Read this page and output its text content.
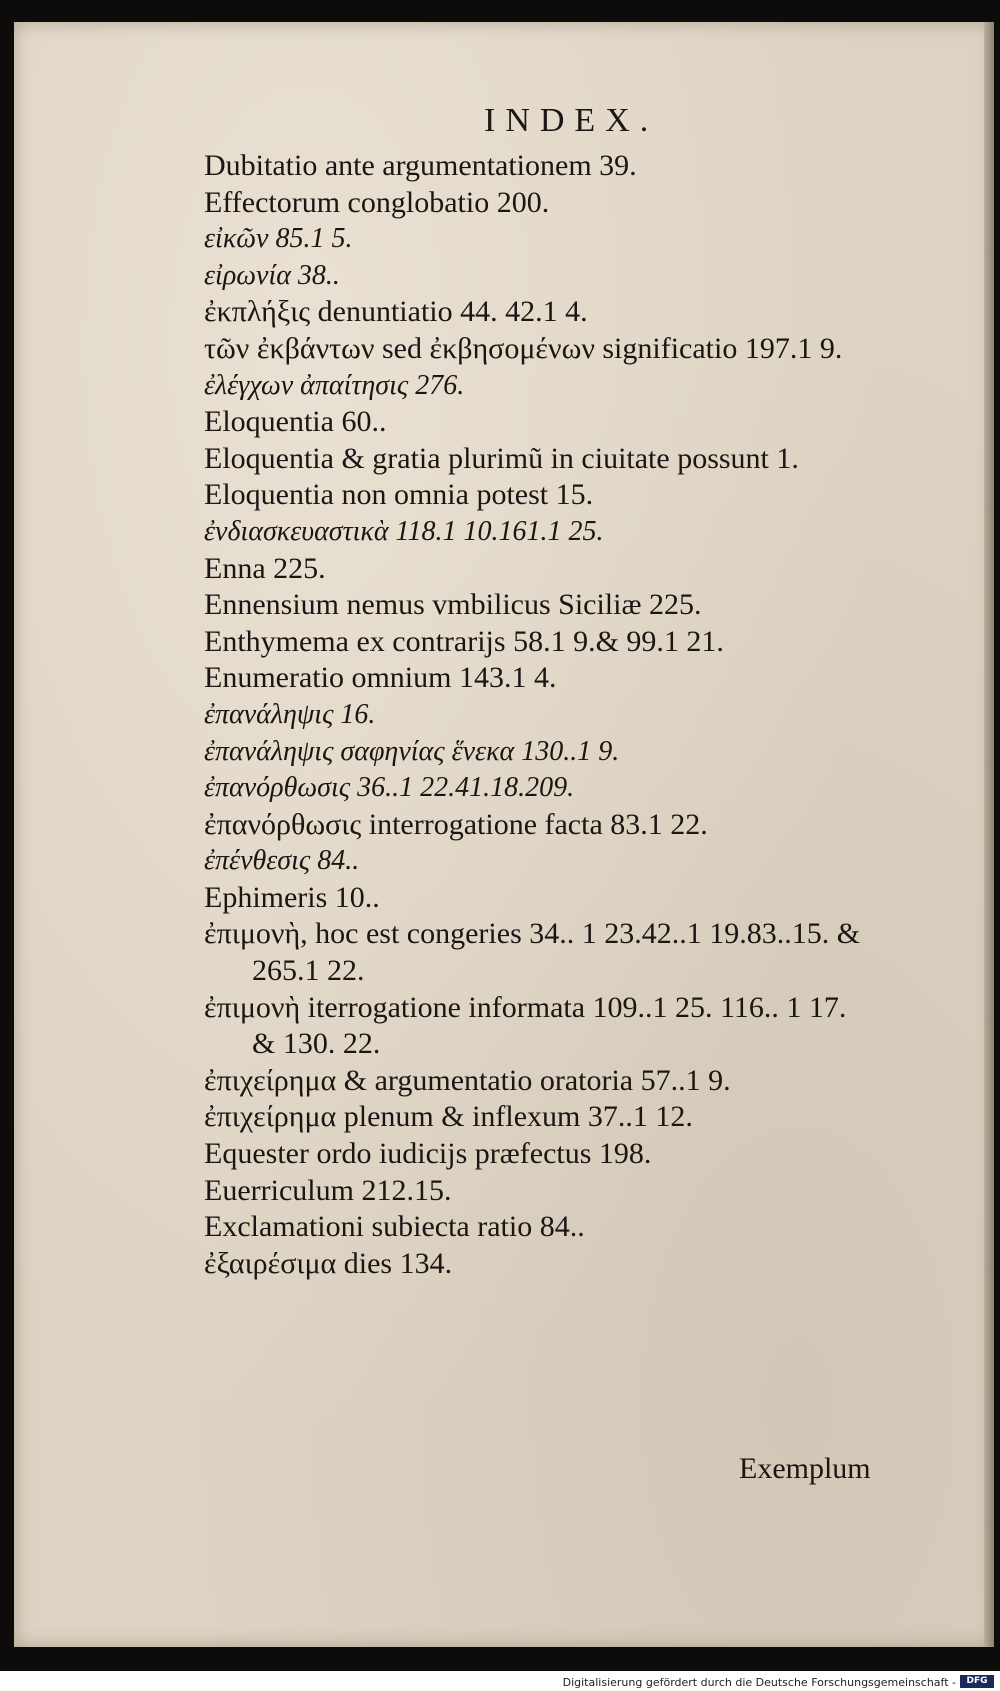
INDEX.
Dubitatio ante argumentationem 39.
Effectorum conglobatio 200.
εἰκῶν 85.1 5.
εἰρωνία 38..
ἐκπλήξις denuntiatio 44. 42.1 4.
τῶν ἐκβάντων sed ἐκβησομένων significatio 197.1 9.
ἐλέγχων ἀπαίτησις 276.
Eloquentia 60..
Eloquentia & gratia plurimũ in ciuitate possunt 1.
Eloquentia non omnia potest 15.
ἐνδιασκευαστικὰ 118.1 10.161.1 25.
Enna 225.
Ennensium nemus vmbilicus Siciliæ 225.
Enthymema ex contrarijs 58.1 9.& 99.1 21.
Enumeratio omnium 143.1 4.
ἐπανάληψις 16.
ἐπανάληψις σαφηνίας ἕνεκα 130..1 9.
ἐπανόρθωσις 36..1 22.41.18.209.
ἐπανόρθωσις interrogatione facta 83.1 22.
ἐπένθεσις 84..
Ephimeris 10..
ἐπιμονὴ, hoc est congeries 34.. 1 23.42..1 19.83..15. &
265.1 22.
ἐπιμονὴ iterrogatione informata 109..1 25. 116.. 1 17.
& 130. 22.
ἐπιχείρημα & argumentatio oratoria 57..1 9.
ἐπιχείρημα plenum & inflexum 37..1 12.
Equester ordo iudicijs præfectus 198.
Euerriculum 212.15.
Exclamationi subiecta ratio 84..
ἐξαιρέσιμα dies 134.
Exemplum
Digitalisierung gefördert durch die Deutsche Forschungsgemeinschaft -	DFG
